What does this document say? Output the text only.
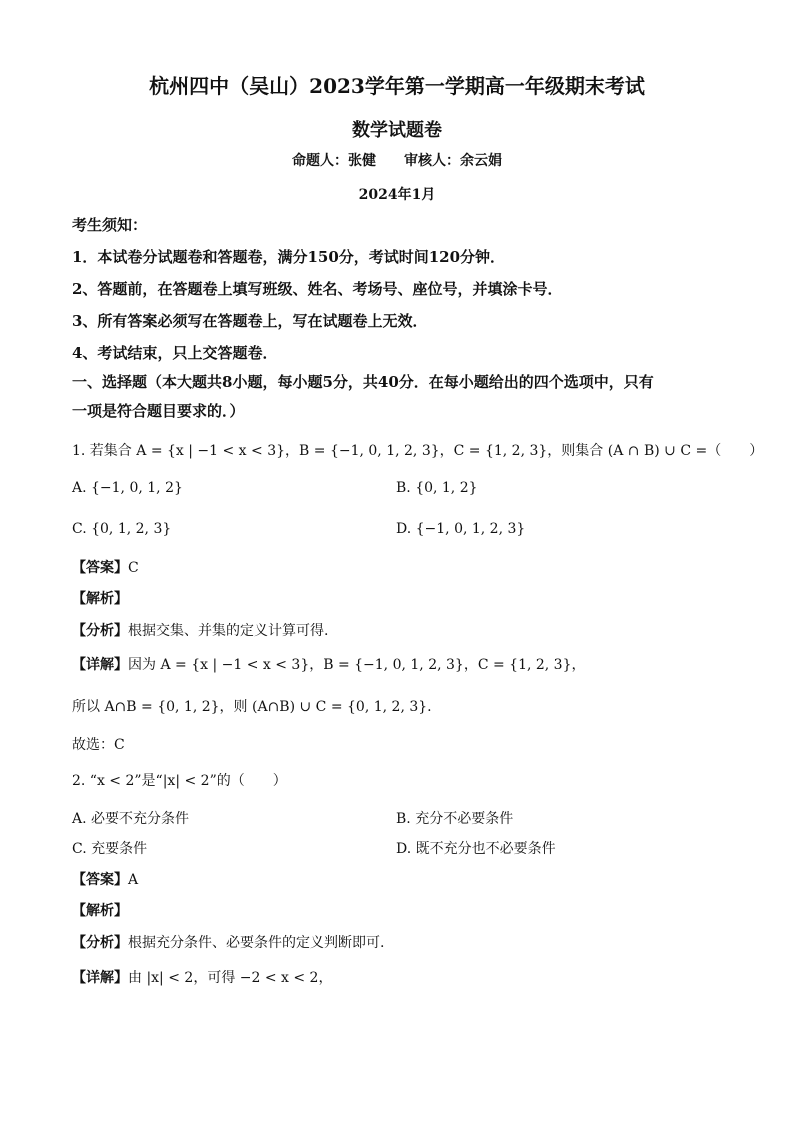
杭州四中（吴山）2023学年第一学期高一年级期末考试
数学试题卷
命题人：张健　　审核人：余云娟
2024年1月
考生须知：
1．本试卷分试题卷和答题卷，满分150分，考试时间120分钟．
2、答题前，在答题卷上填写班级、姓名、考场号、座位号，并填涂卡号．
3、所有答案必须写在答题卷上，写在试题卷上无效．
4、考试结束，只上交答题卷．
一、选择题（本大题共8小题，每小题5分，共40分．在每小题给出的四个选项中，只有
一项是符合题目要求的．）
1. 若集合 A = {x | −1 < x < 3}，B = {−1, 0, 1, 2, 3}，C = {1, 2, 3}，则集合 (A ∩ B) ∪ C =（　　）
A. {−1, 0, 1, 2}	B. {0, 1, 2}
C. {0, 1, 2, 3}	D. {−1, 0, 1, 2, 3}
【答案】C
【解析】
【分析】根据交集、并集的定义计算可得.
【详解】因为 A = {x | −1 < x < 3}，B = {−1, 0, 1, 2, 3}，C = {1, 2, 3}，
所以 A∩B = {0, 1, 2}，则 (A∩B) ∪ C = {0, 1, 2, 3}.
故选：C
2. “x < 2”是“|x| < 2”的（　　）
A. 必要不充分条件	B. 充分不必要条件
C. 充要条件	D. 既不充分也不必要条件
【答案】A
【解析】
【分析】根据充分条件、必要条件的定义判断即可.
【详解】由 |x| < 2，可得 −2 < x < 2，
